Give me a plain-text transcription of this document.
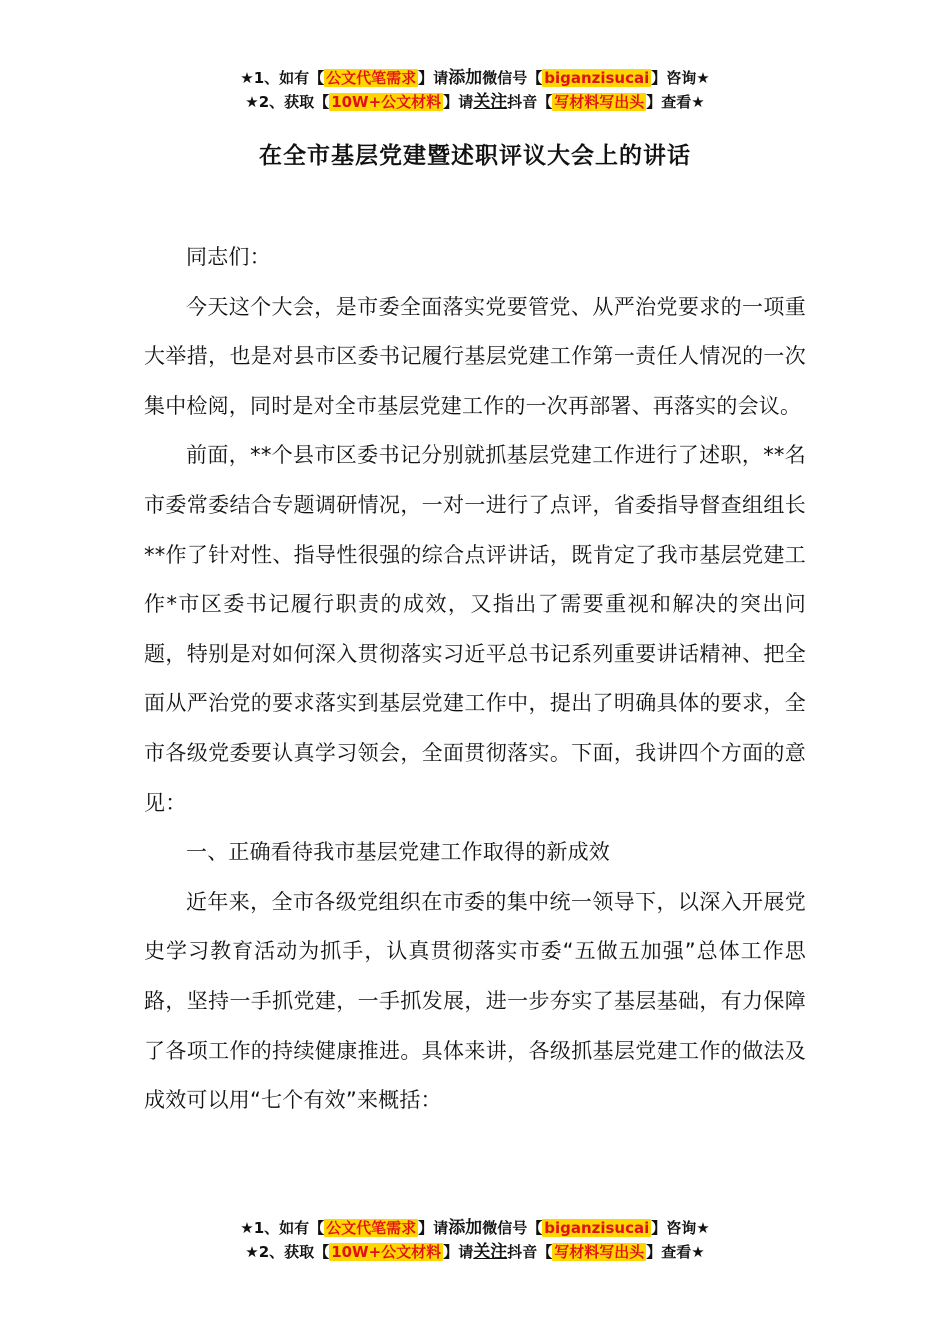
★1、如有【 公文代笔需求 】请添加微信号【 biganzisucai 】咨询★
★2、获取【 10W+公文材料 】请关注抖音【 写材料写出头 】查看★
在全市基层党建暨述职评议大会上的讲话

同志们：

今天这个大会，是市委全面落实党要管党、从严治党要求的一项重大举措，也是对县市区委书记履行基层党建工作第一责任人情况的一次集中检阅，同时是对全市基层党建工作的一次再部署、再落实的会议。

前面，**个县市区委书记分别就抓基层党建工作进行了述职，**名市委常委结合专题调研情况，一对一进行了点评，省委指导督查组组长**作了针对性、指导性很强的综合点评讲话，既肯定了我市基层党建工作*市区委书记履行职责的成效，又指出了需要重视和解决的突出问题，特别是对如何深入贯彻落实习近平总书记系列重要讲话精神、把全面从严治党的要求落实到基层党建工作中，提出了明确具体的要求，全市各级党委要认真学习领会，全面贯彻落实。下面，我讲四个方面的意见：

一、正确看待我市基层党建工作取得的新成效

近年来，全市各级党组织在市委的集中统一领导下，以深入开展党史学习教育活动为抓手，认真贯彻落实市委“五做五加强”总体工作思路，坚持一手抓党建，一手抓发展，进一步夯实了基层基础，有力保障了各项工作的持续健康推进。具体来讲，各级抓基层党建工作的做法及成效可以用“七个有效”来概括：

★1、如有【 公文代笔需求 】请添加微信号【 biganzisucai 】咨询★
★2、获取【 10W+公文材料 】请关注抖音【 写材料写出头 】查看★
